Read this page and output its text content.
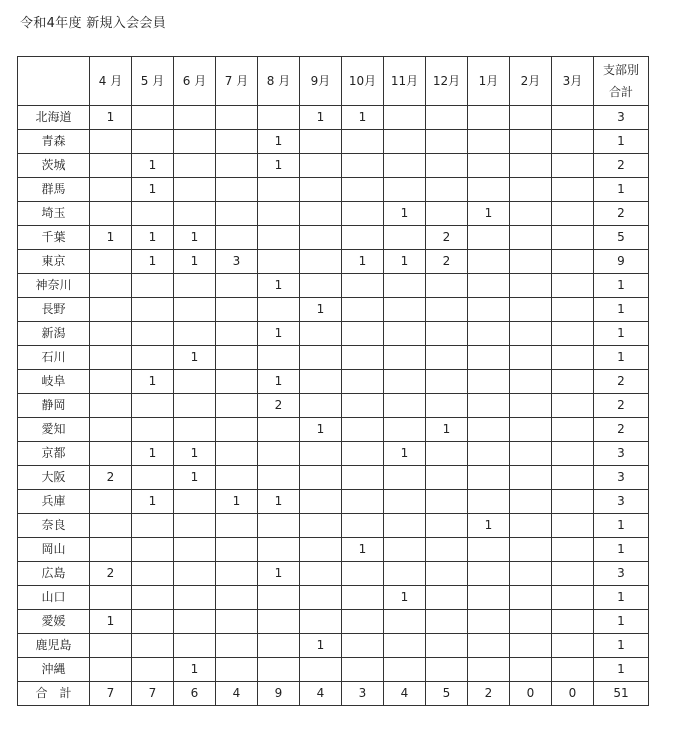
令和4年度 新規入会会員
	4 月	5 月	6 月	7 月	8 月	9月	10月	11月	12月	1月	2月	3月	支部別
合計

北海道	1					1	1						3
青森					1								1
茨城		1			1								2
群馬		1											1
埼玉								1		1			2
千葉	1	1	1						2				5
東京		1	1	3			1	1	2				9
神奈川					1								1
長野						1							1
新潟					1								1
石川			1										1
岐阜		1			1								2
静岡					2								2
愛知						1			1				2
京都		1	1					1					3
大阪	2		1										3
兵庫		1		1	1								3
奈良										1			1
岡山							1						1
広島	2				1								3
山口								1					1
愛媛	1												1
鹿児島						1							1
沖縄			1										1
合　計	7	7	6	4	9	4	3	4	5	2	0	0	51
